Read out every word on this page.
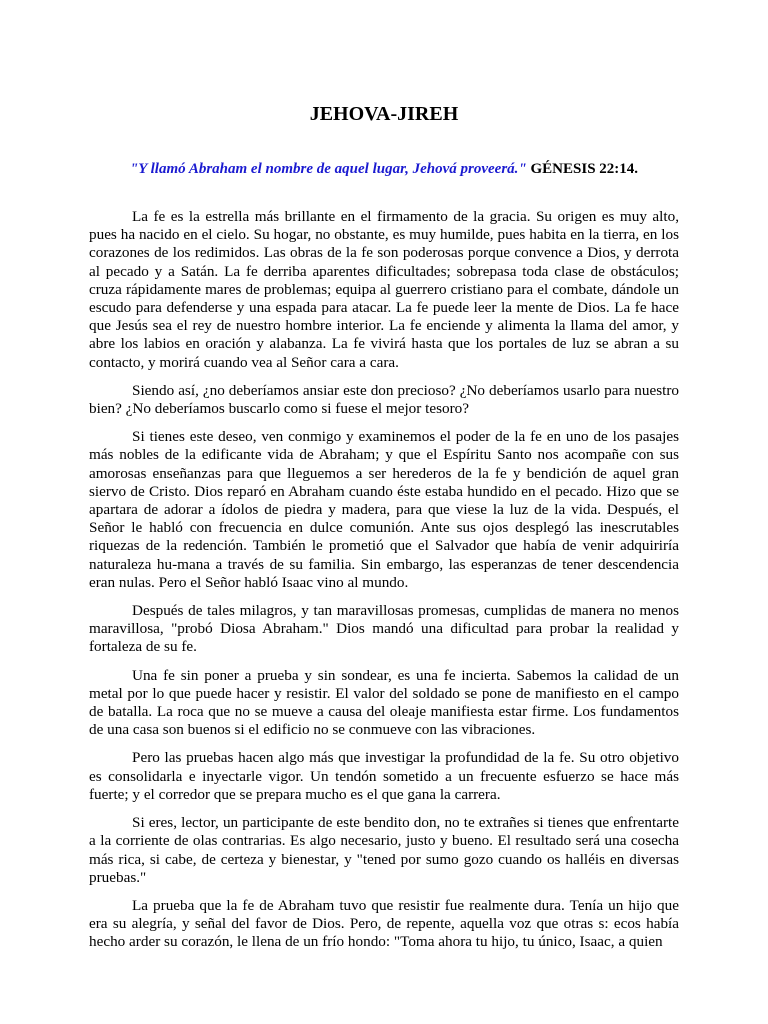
JEHOVA-JIREH
"Y llamó Abraham el nombre de aquel lugar, Jehová proveerá." GÉNESIS 22:14.

La fe es la estrella más brillante en el firmamento de la gracia. Su origen es muy alto, pues ha nacido en el cielo. Su hogar, no obstante, es muy humilde, pues habita en la tierra, en los corazones de los redimidos. Las obras de la fe son poderosas porque convence a Dios, y derrota al pecado y a Satán. La fe derriba aparentes dificultades; sobrepasa toda clase de obstáculos; cruza rápidamente mares de problemas; equipa al guerrero cristiano para el combate, dándole un escudo para defenderse y una espada para atacar. La fe puede leer la mente de Dios. La fe hace que Jesús sea el rey de nuestro hombre interior. La fe enciende y alimenta la llama del amor, y abre los labios en oración y alabanza. La fe vivirá hasta que los portales de luz se abran a su contacto, y morirá cuando vea al Señor cara a cara.

Siendo así, ¿no deberíamos ansiar este don precioso? ¿No deberíamos usarlo para nuestro bien? ¿No deberíamos buscarlo como si fuese el mejor tesoro?

Si tienes este deseo, ven conmigo y examinemos el poder de la fe en uno de los pasajes más nobles de la edificante vida de Abraham; y que el Espíritu Santo nos acompañe con sus amorosas enseñanzas para que lleguemos a ser herederos de la fe y bendición de aquel gran siervo de Cristo. Dios reparó en Abraham cuando éste estaba hundido en el pecado. Hizo que se apartara de adorar a ídolos de piedra y madera, para que viese la luz de la vida. Después, el Señor le habló con frecuencia en dulce comunión. Ante sus ojos desplegó las inescrutables riquezas de la redención. También le prometió que el Salvador que había de venir adquiriría naturaleza hu-mana a través de su familia. Sin embargo, las esperanzas de tener descendencia eran nulas. Pero el Señor habló Isaac vino al mundo.

Después de tales milagros, y tan maravillosas promesas, cumplidas de manera no menos maravillosa, "probó Diosa Abraham." Dios mandó una dificultad para probar la realidad y fortaleza de su fe.

Una fe sin poner a prueba y sin sondear, es una fe incierta. Sabemos la calidad de un metal por lo que puede hacer y resistir. El valor del soldado se pone de manifiesto en el campo de batalla. La roca que no se mueve a causa del oleaje manifiesta estar firme. Los fundamentos de una casa son buenos si el edificio no se conmueve con las vibraciones.

Pero las pruebas hacen algo más que investigar la profundidad de la fe. Su otro objetivo es consolidarla e inyectarle vigor. Un tendón sometido a un frecuente esfuerzo se hace más fuerte; y el corredor que se prepara mucho es el que gana la carrera.

Si eres, lector, un participante de este bendito don, no te extrañes si tienes que enfrentarte a la corriente de olas contrarias. Es algo necesario, justo y bueno. El resultado será una cosecha más rica, si cabe, de certeza y bienestar, y "tened por sumo gozo cuando os halléis en diversas pruebas."

La prueba que la fe de Abraham tuvo que resistir fue realmente dura. Tenía un hijo que era su alegría, y señal del favor de Dios. Pero, de repente, aquella voz que otras s: ecos había hecho arder su corazón, le llena de un frío hondo: "Toma ahora tu hijo, tu único, Isaac, a quien
